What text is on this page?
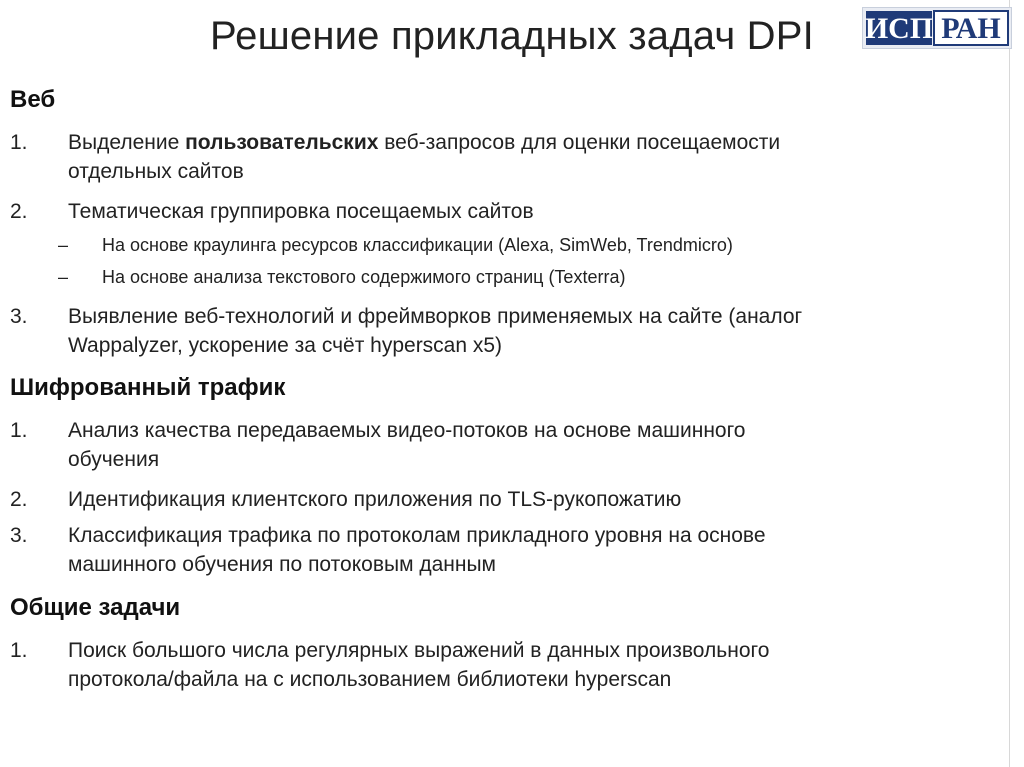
Решение прикладных задач DPI	ИСП РАН
Веб
1.	Выделение пользовательских веб-запросов для оценки посещаемости
отдельных сайтов
2.	Тематическая группировка посещаемых сайтов
–	На основе краулинга ресурсов классификации (Alexa, SimWeb, Trendmicro)
–	На основе анализа текстового содержимого страниц (Texterra)
3.	Выявление веб-технологий и фреймворков применяемых на сайте (аналог
Wappalyzer, ускорение за счёт hyperscan x5)
Шифрованный трафик
1.	Анализ качества передаваемых видео-потоков на основе машинного
обучения
2.	Идентификация клиентского приложения по TLS-рукопожатию
3.	Классификация трафика по протоколам прикладного уровня на основе
машинного обучения по потоковым данным
Общие задачи
1.	Поиск большого числа регулярных выражений в данных произвольного
протокола/файла на с использованием библиотеки hyperscan
